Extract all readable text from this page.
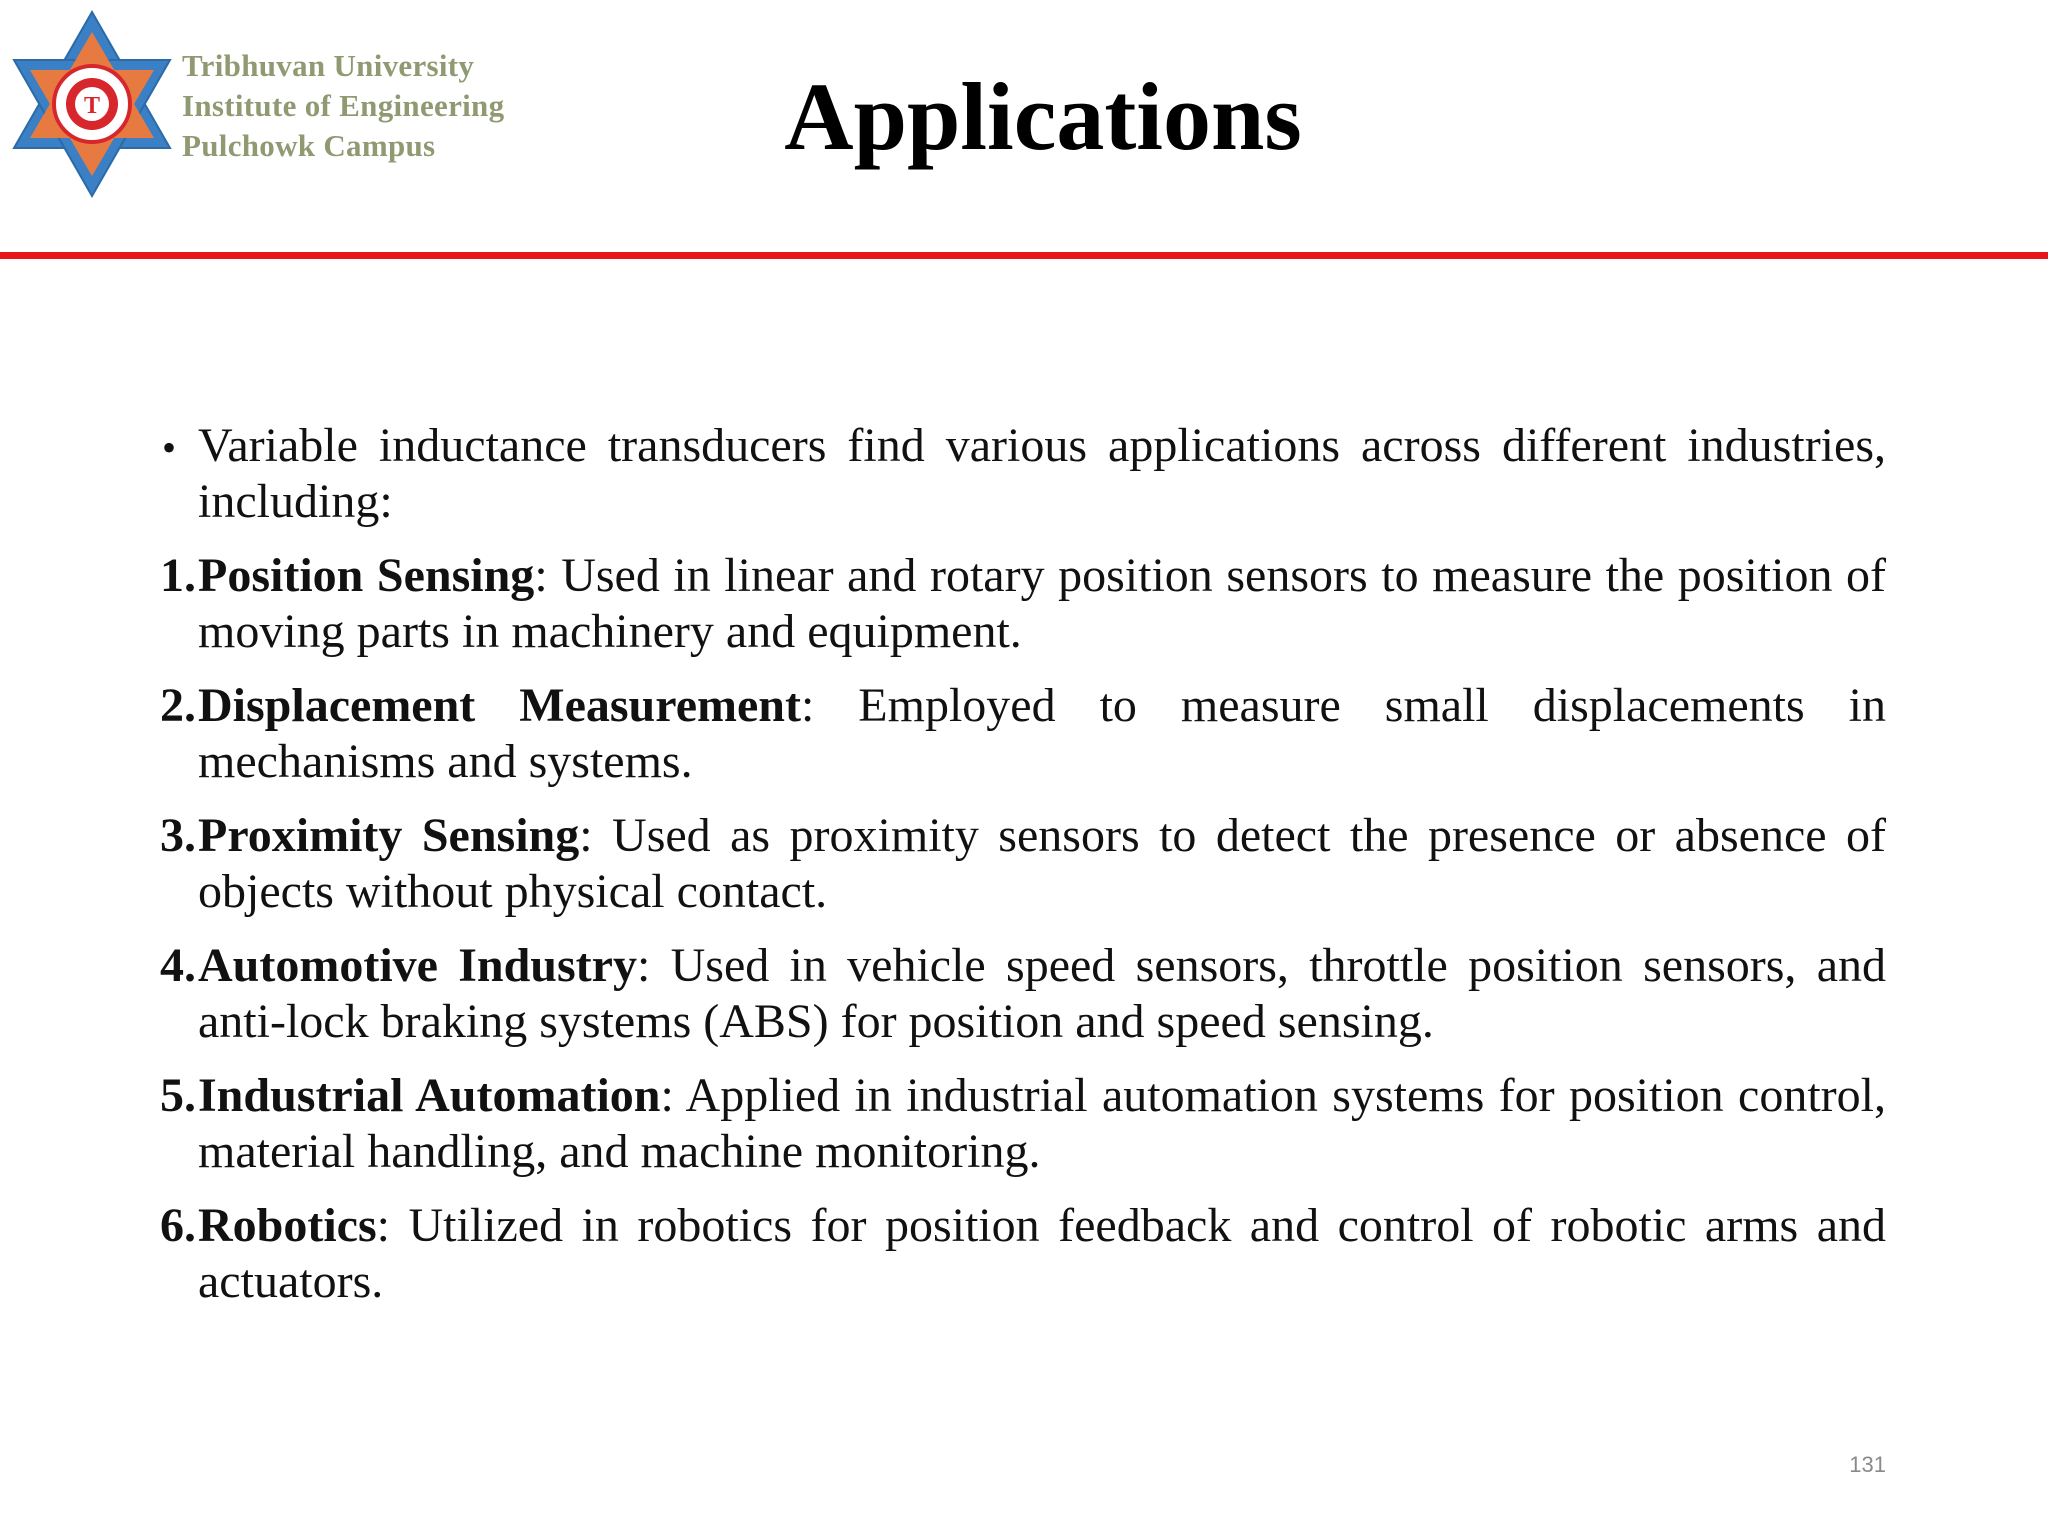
T
Tribhuvan University
Institute of Engineering
Pulchowk Campus	Applications

• Variable inductance transducers find various applications across different industries, including:

1. Position Sensing: Used in linear and rotary position sensors to measure the position of moving parts in machinery and equipment.

2. Displacement Measurement: Employed to measure small displacements in mechanisms and systems.

3. Proximity Sensing: Used as proximity sensors to detect the presence or absence of objects without physical contact.

4. Automotive Industry: Used in vehicle speed sensors, throttle position sensors, and anti-lock braking systems (ABS) for position and speed sensing.

5. Industrial Automation: Applied in industrial automation systems for position control, material handling, and machine monitoring.

6. Robotics: Utilized in robotics for position feedback and control of robotic arms and actuators.

131
